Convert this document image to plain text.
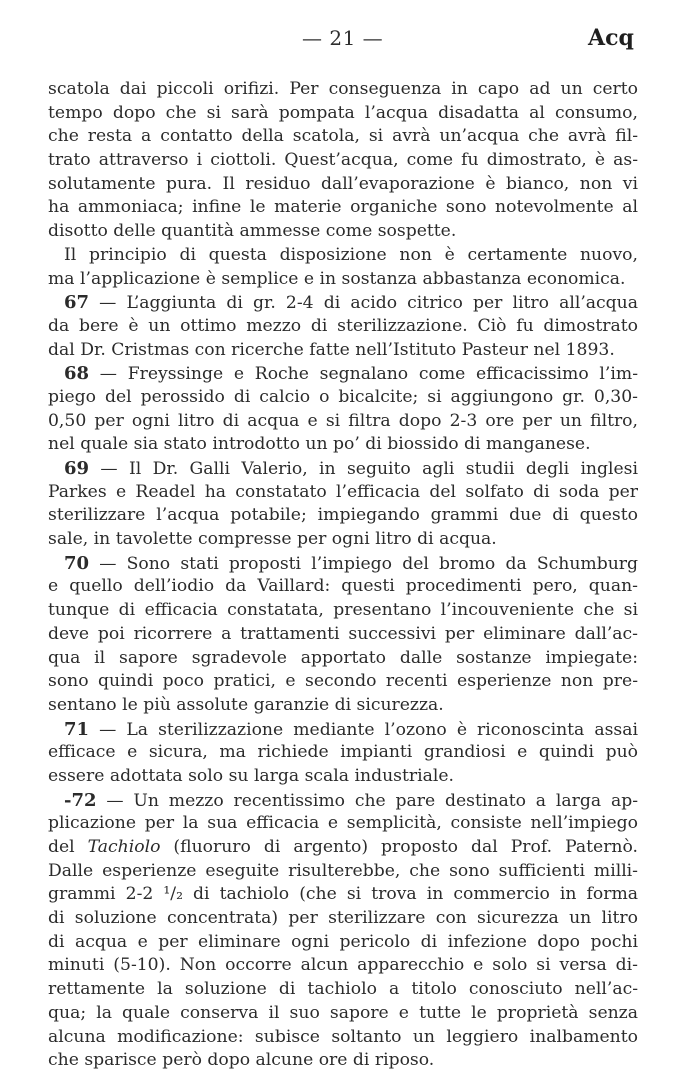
— 21 —	Acq
scatola dai piccoli orifizi. Per conseguenza in capo ad un certo
tempo dopo che si sarà pompata l’acqua disadatta al consumo,
che resta a contatto della scatola, si avrà un’acqua che avrà fil-
trato attraverso i ciottoli. Quest’acqua, come fu dimostrato, è as-
solutamente pura. Il residuo dall’evaporazione è bianco, non vi
ha ammoniaca; infine le materie organiche sono notevolmente al
disotto delle quantità ammesse come sospette.
Il principio di questa disposizione non è certamente nuovo,
ma l’applicazione è semplice e in sostanza abbastanza economica.
67 — L’aggiunta di gr. 2-4 di acido citrico per litro all’acqua
da bere è un ottimo mezzo di sterilizzazione. Ciò fu dimostrato
dal Dr. Cristmas con ricerche fatte nell’Istituto Pasteur nel 1893.
68 — Freyssinge e Roche segnalano come efficacissimo l’im-
piego del perossido di calcio o bicalcite; si aggiungono gr. 0,30-
0,50 per ogni litro di acqua e si filtra dopo 2-3 ore per un filtro,
nel quale sia stato introdotto un po’ di biossido di manganese.
69 — Il Dr. Galli Valerio, in seguito agli studii degli inglesi
Parkes e Readel ha constatato l’efficacia del solfato di soda per
sterilizzare l’acqua potabile; impiegando grammi due di questo
sale, in tavolette compresse per ogni litro di acqua.
70 — Sono stati proposti l’impiego del bromo da Schumburg
e quello dell’iodio da Vaillard: questi procedimenti pero, quan-
tunque di efficacia constatata, presentano l’incouveniente che si
deve poi ricorrere a trattamenti successivi per eliminare dall’ac-
qua il sapore sgradevole apportato dalle sostanze impiegate:
sono quindi poco pratici, e secondo recenti esperienze non pre-
sentano le più assolute garanzie di sicurezza.
71 — La sterilizzazione mediante l’ozono è riconoscinta assai
efficace e sicura, ma richiede impianti grandiosi e quindi può
essere adottata solo su larga scala industriale.
-72 — Un mezzo recentissimo che pare destinato a larga ap-
plicazione per la sua efficacia e semplicità, consiste nell’impiego
del Tachiolo (fluoruro di argento) proposto dal Prof. Paternò.
Dalle esperienze eseguite risulterebbe, che sono sufficienti milli-
grammi 2-2 ¹/₂ di tachiolo (che si trova in commercio in forma
di soluzione concentrata) per sterilizzare con sicurezza un litro
di acqua e per eliminare ogni pericolo di infezione dopo pochi
minuti (5-10). Non occorre alcun apparecchio e solo si versa di-
rettamente la soluzione di tachiolo a titolo conosciuto nell’ac-
qua; la quale conserva il suo sapore e tutte le proprietà senza
alcuna modificazione: subisce soltanto un leggiero inalbamento
che sparisce però dopo alcune ore di riposo.
